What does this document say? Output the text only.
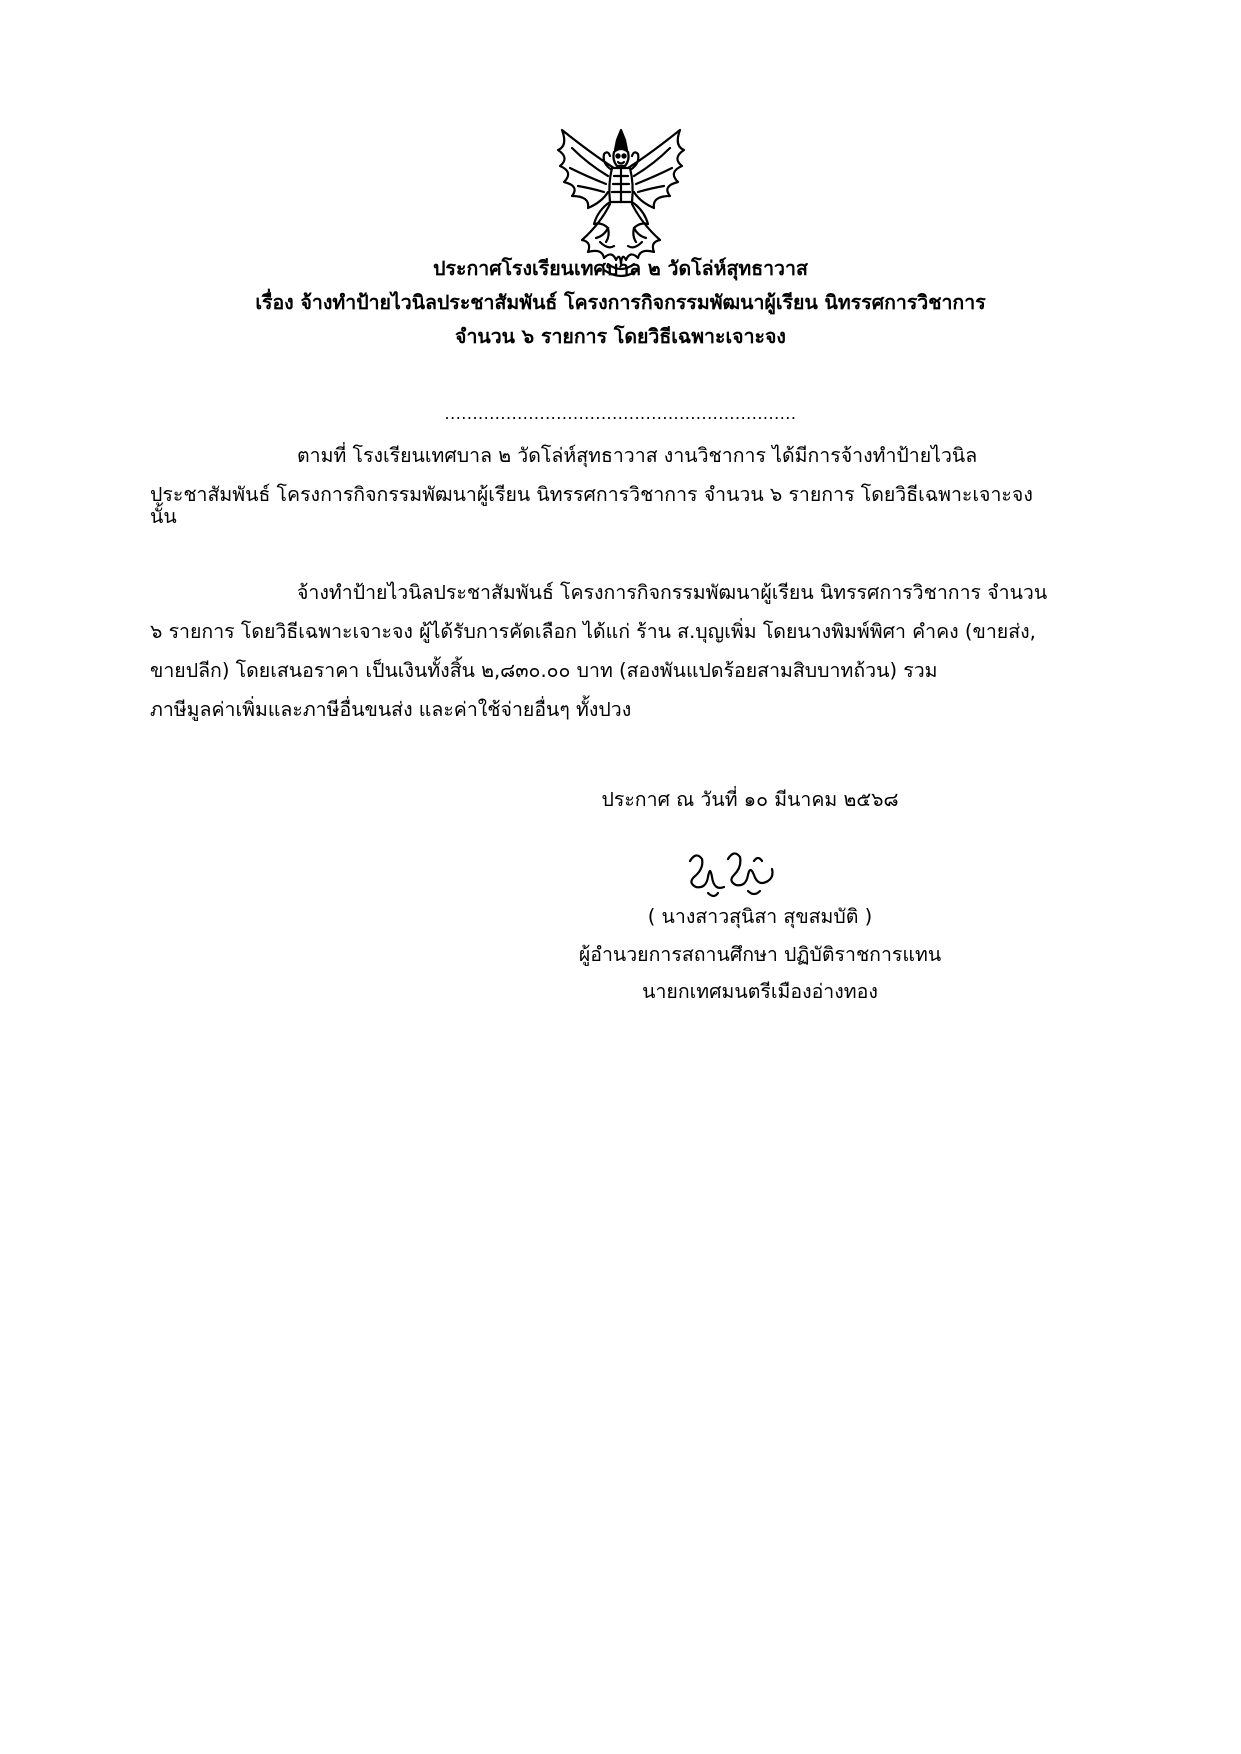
ประกาศโรงเรียนเทศบาล ๒ วัดโล่ห์สุทธาวาส
เรื่อง จ้างทำป้ายไวนิลประชาสัมพันธ์ โครงการกิจกรรมพัฒนาผู้เรียน นิทรรศการวิชาการ
จำนวน ๖ รายการ โดยวิธีเฉพาะเจาะจง
...............................................................
ตามที่ โรงเรียนเทศบาล ๒ วัดโล่ห์สุทธาวาส งานวิชาการ ได้มีการจ้างทำป้ายไวนิล
ประชาสัมพันธ์ โครงการกิจกรรมพัฒนาผู้เรียน นิทรรศการวิชาการ จำนวน ๖ รายการ โดยวิธีเฉพาะเจาะจง
นั้น
จ้างทำป้ายไวนิลประชาสัมพันธ์ โครงการกิจกรรมพัฒนาผู้เรียน นิทรรศการวิชาการ จำนวน
๖ รายการ โดยวิธีเฉพาะเจาะจง ผู้ได้รับการคัดเลือก ได้แก่ ร้าน ส.บุญเพิ่ม โดยนางพิมพ์พิศา คำคง (ขายส่ง,
ขายปลีก) โดยเสนอราคา เป็นเงินทั้งสิ้น ๒,๘๓๐.๐๐ บาท (สองพันแปดร้อยสามสิบบาทถ้วน) รวม
ภาษีมูลค่าเพิ่มและภาษีอื่นขนส่ง และค่าใช้จ่ายอื่นๆ ทั้งปวง
ประกาศ ณ วันที่ ๑๐ มีนาคม ๒๕๖๘
( นางสาวสุนิสา สุขสมบัติ )
ผู้อำนวยการสถานศึกษา ปฏิบัติราชการแทน
นายกเทศมนตรีเมืองอ่างทอง
